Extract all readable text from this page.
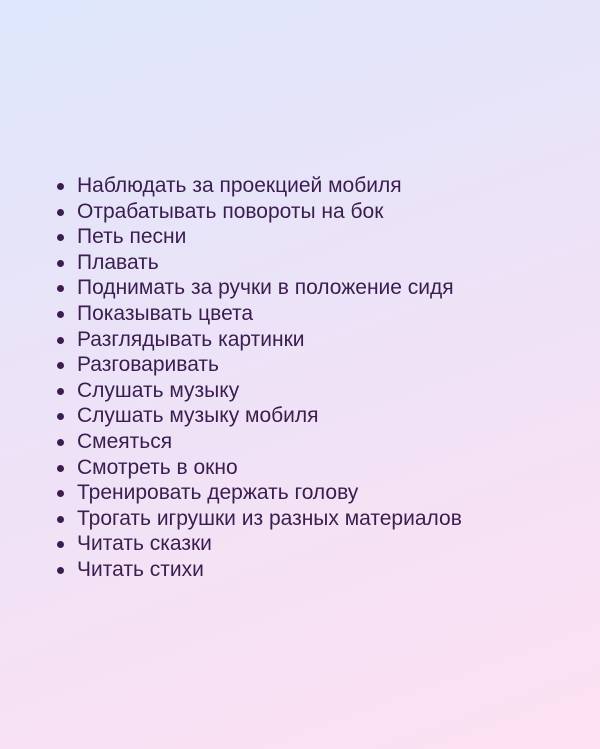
Наблюдать за проекцией мобиля
Отрабатывать повороты на бок
Петь песни
Плавать
Поднимать за ручки в положение сидя
Показывать цвета
Разглядывать картинки
Разговаривать
Слушать музыку
Слушать музыку мобиля
Смеяться
Смотреть в окно
Тренировать держать голову
Трогать игрушки из разных материалов
Читать сказки
Читать стихи
